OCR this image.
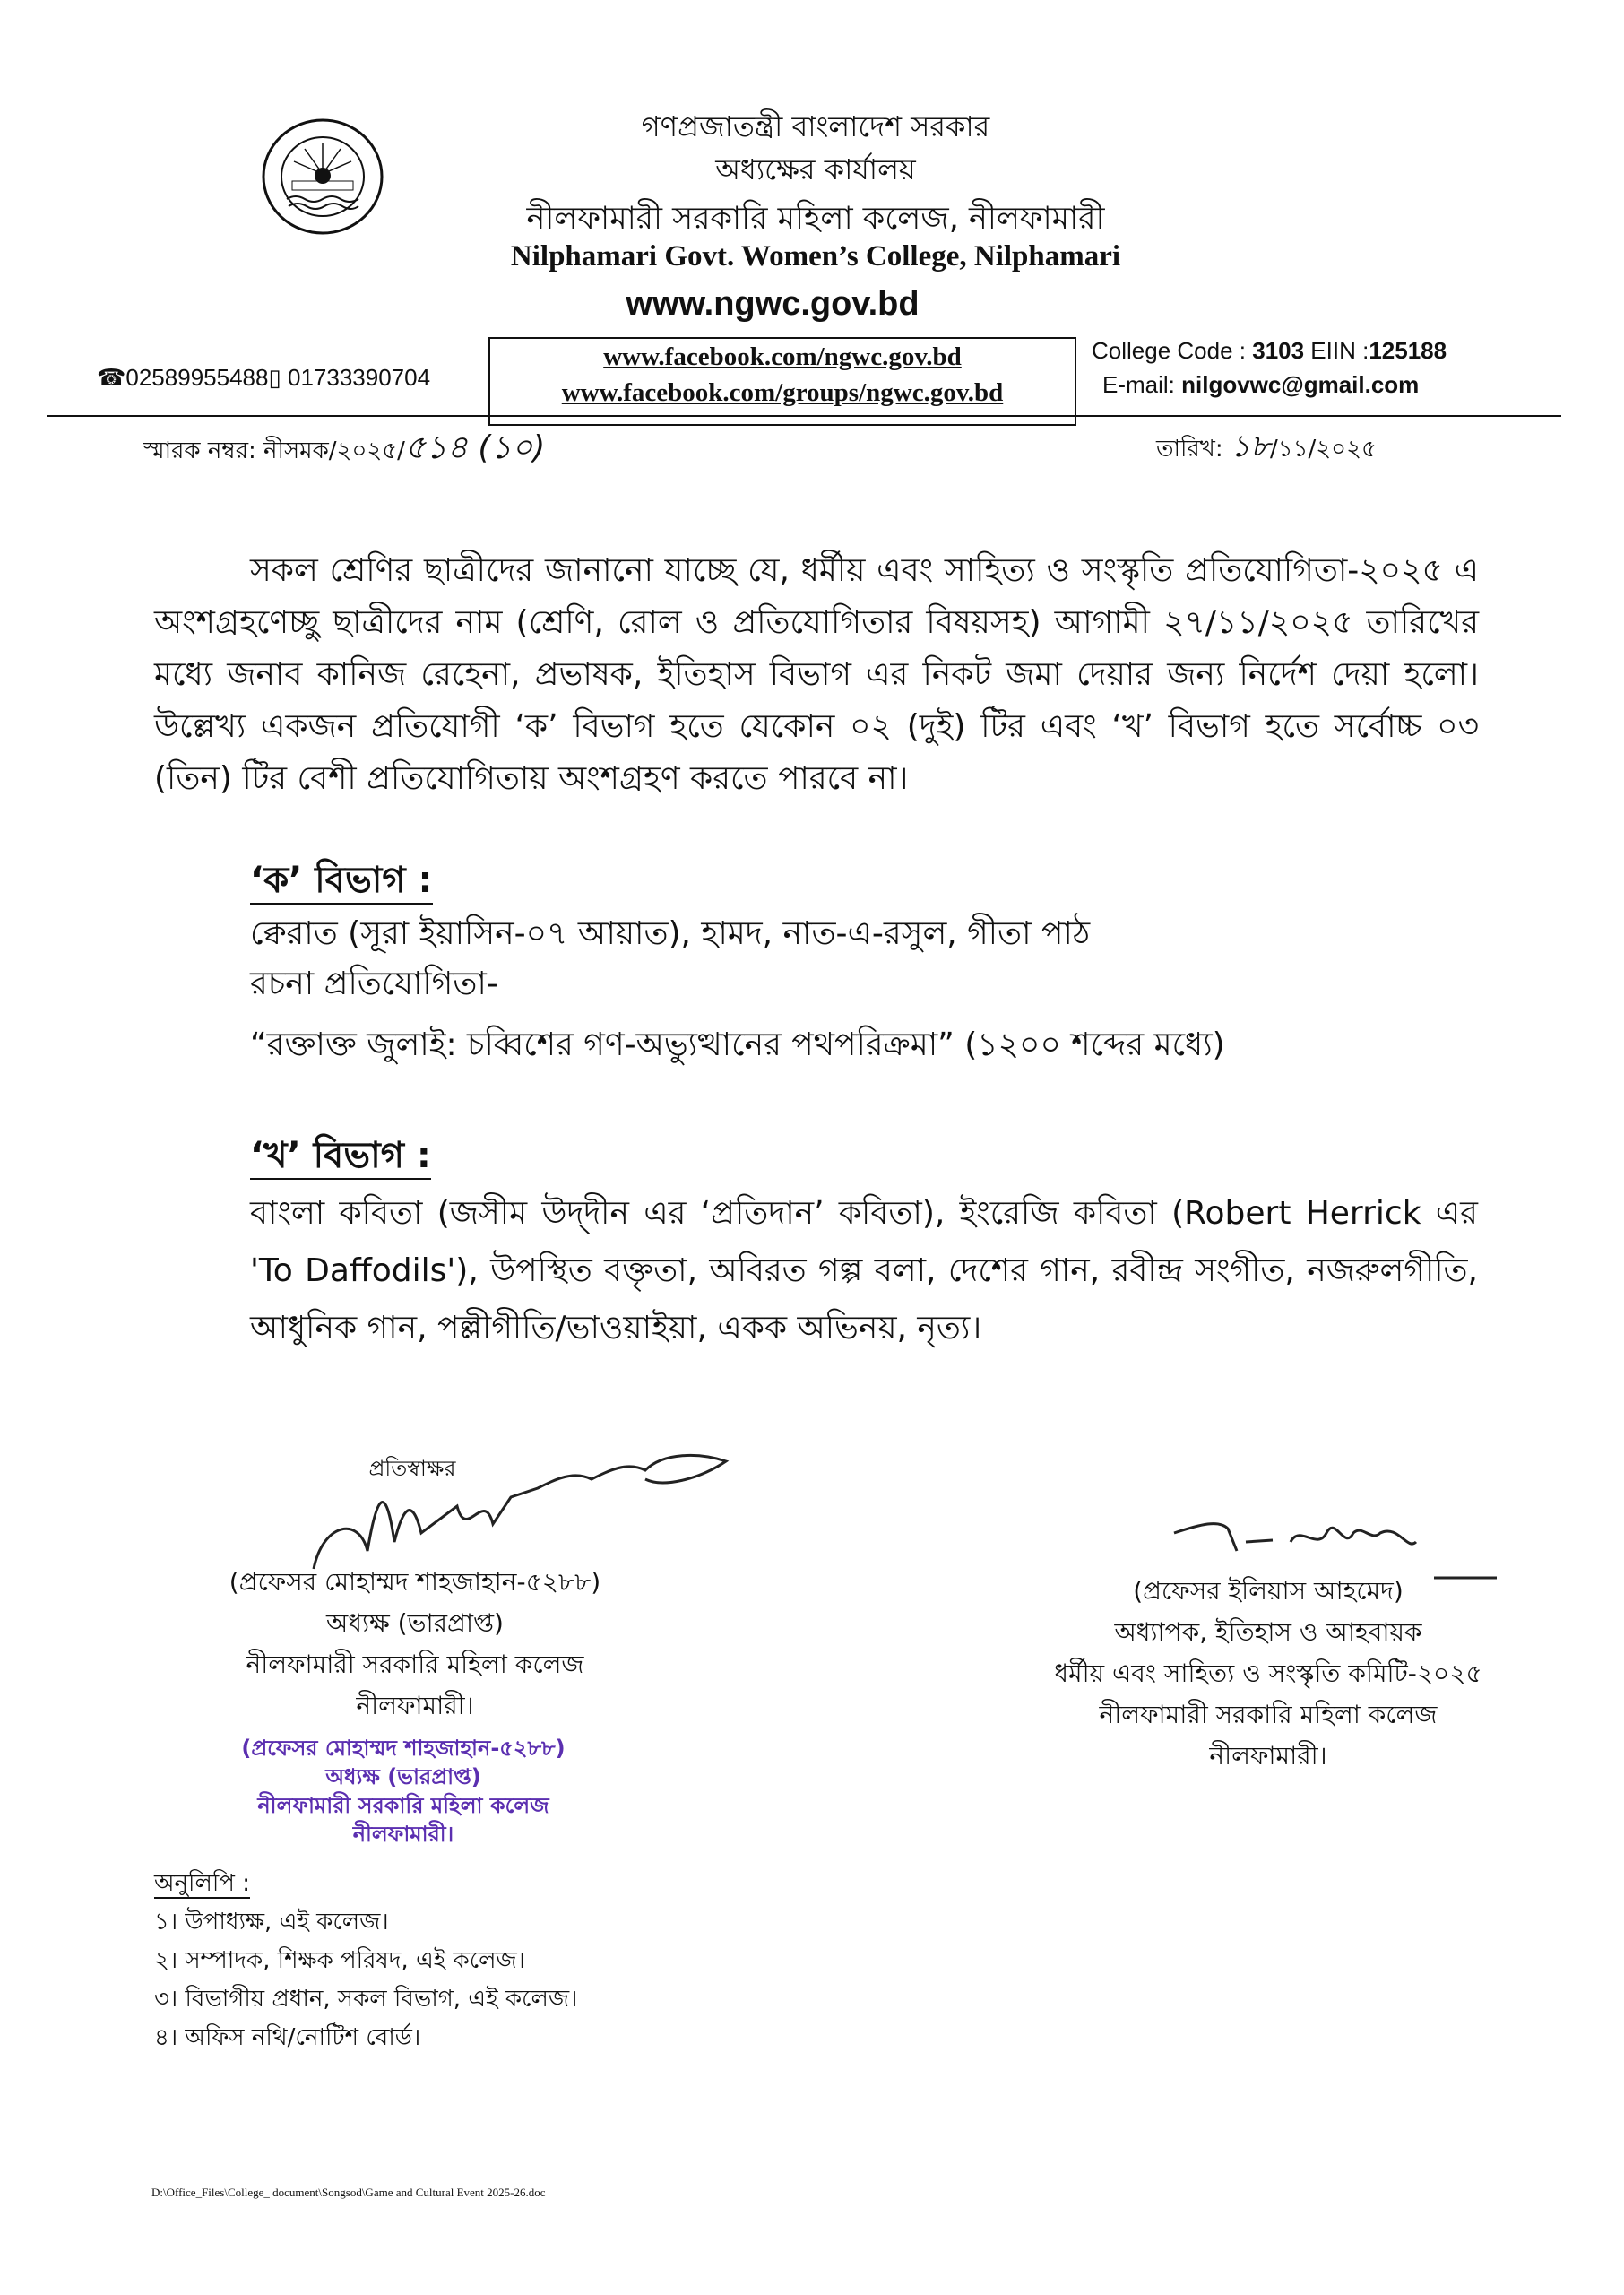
গণপ্রজাতন্ত্রী বাংলাদেশ সরকার
অধ্যক্ষের কার্যালয়
নীলফামারী সরকারি মহিলা কলেজ, নীলফামারী
Nilphamari Govt. Women’s College, Nilphamari
www.ngwc.gov.bd
www.facebook.com/ngwc.gov.bd
www.facebook.com/groups/ngwc.gov.bd
☎02589955488▯ 01733390704
College Code : 3103 EIIN :125188
E-mail: nilgovwc@gmail.com
স্মারক নম্বর: নীসমক/২০২৫/৫১৪ (১০)	তারিখ: ১৮/১১/২০২৫
সকল শ্রেণির ছাত্রীদের জানানো যাচ্ছে যে, ধর্মীয় এবং সাহিত্য ও সংস্কৃতি প্রতিযোগিতা-২০২৫ এ অংশগ্রহণেচ্ছু ছাত্রীদের নাম (শ্রেণি, রোল ও প্রতিযোগিতার বিষয়সহ) আগামী ২৭/১১/২০২৫ তারিখের মধ্যে জনাব কানিজ রেহেনা, প্রভাষক, ইতিহাস বিভাগ এর নিকট জমা দেয়ার জন্য নির্দেশ দেয়া হলো। উল্লেখ্য একজন প্রতিযোগী ‘ক’ বিভাগ হতে যেকোন ০২ (দুই) টির এবং ‘খ’ বিভাগ হতে সর্বোচ্চ ০৩ (তিন) টির বেশী প্রতিযোগিতায় অংশগ্রহণ করতে পারবে না।
‘ক’ বিভাগ :
ক্বেরাত (সূরা ইয়াসিন-০৭ আয়াত), হামদ, নাত-এ-রসুল, গীতা পাঠ
রচনা প্রতিযোগিতা-
“রক্তাক্ত জুলাই: চব্বিশের গণ-অভ্যুত্থানের পথপরিক্রমা” (১২০০ শব্দের মধ্যে)
‘খ’ বিভাগ :
বাংলা কবিতা (জসীম উদ্‌দীন এর ‘প্রতিদান’ কবিতা), ইংরেজি কবিতা (Robert Herrick এর 'To Daffodils'), উপস্থিত বক্তৃতা, অবিরত গল্প বলা, দেশের গান, রবীন্দ্র সংগীত, নজরুলগীতি, আধুনিক গান, পল্লীগীতি/ভাওয়াইয়া, একক অভিনয়, নৃত্য।
প্রতিস্বাক্ষর
(প্রফেসর মোহাম্মদ শাহজাহান-৫২৮৮)
অধ্যক্ষ (ভারপ্রাপ্ত)
নীলফামারী সরকারি মহিলা কলেজ
নীলফামারী।
(প্রফেসর মোহাম্মদ শাহজাহান-৫২৮৮)
অধ্যক্ষ (ভারপ্রাপ্ত)
নীলফামারী সরকারি মহিলা কলেজ
নীলফামারী।
(প্রফেসর ইলিয়াস আহমেদ)
অধ্যাপক, ইতিহাস ও আহবায়ক
ধর্মীয় এবং সাহিত্য ও সংস্কৃতি কমিটি-২০২৫
নীলফামারী সরকারি মহিলা কলেজ
নীলফামারী।
অনুলিপি :
১। উপাধ্যক্ষ, এই কলেজ।
২। সম্পাদক, শিক্ষক পরিষদ, এই কলেজ।
৩। বিভাগীয় প্রধান, সকল বিভাগ, এই কলেজ।
৪। অফিস নথি/নোটিশ বোর্ড।
D:\Office_Files\College_ document\Songsod\Game and Cultural Event 2025-26.doc
